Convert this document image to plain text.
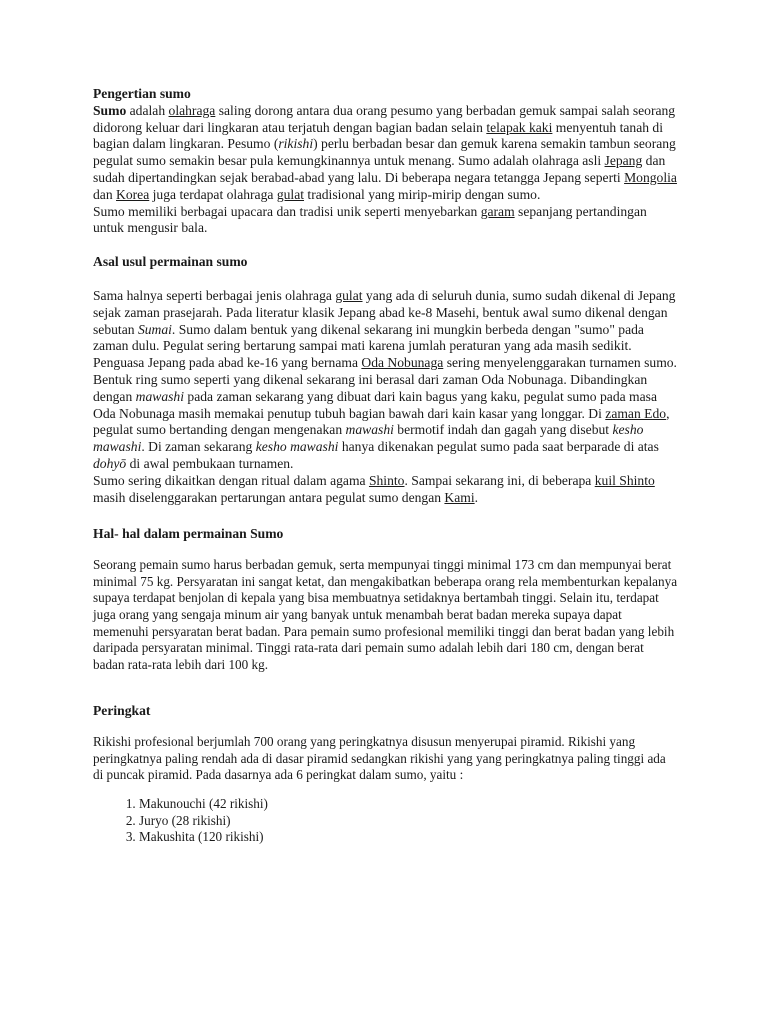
Pengertian sumo

Sumo adalah olahraga saling dorong antara dua orang pesumo yang berbadan gemuk sampai salah seorang didorong keluar dari lingkaran atau terjatuh dengan bagian badan selain telapak kaki menyentuh tanah di bagian dalam lingkaran. Pesumo (rikishi) perlu berbadan besar dan gemuk karena semakin tambun seorang pegulat sumo semakin besar pula kemungkinannya untuk menang. Sumo adalah olahraga asli Jepang dan sudah dipertandingkan sejak berabad-abad yang lalu. Di beberapa negara tetangga Jepang seperti Mongolia dan Korea juga terdapat olahraga gulat tradisional yang mirip-mirip dengan sumo.

Sumo memiliki berbagai upacara dan tradisi unik seperti menyebarkan garam sepanjang pertandingan untuk mengusir bala.

Asal usul permainan sumo

Sama halnya seperti berbagai jenis olahraga gulat yang ada di seluruh dunia, sumo sudah dikenal di Jepang sejak zaman prasejarah. Pada literatur klasik Jepang abad ke-8 Masehi, bentuk awal sumo dikenal dengan sebutan Sumai. Sumo dalam bentuk yang dikenal sekarang ini mungkin berbeda dengan "sumo" pada zaman dulu. Pegulat sering bertarung sampai mati karena jumlah peraturan yang ada masih sedikit.

Penguasa Jepang pada abad ke-16 yang bernama Oda Nobunaga sering menyelenggarakan turnamen sumo. Bentuk ring sumo seperti yang dikenal sekarang ini berasal dari zaman Oda Nobunaga. Dibandingkan dengan mawashi pada zaman sekarang yang dibuat dari kain bagus yang kaku, pegulat sumo pada masa Oda Nobunaga masih memakai penutup tubuh bagian bawah dari kain kasar yang longgar. Di zaman Edo, pegulat sumo bertanding dengan mengenakan mawashi bermotif indah dan gagah yang disebut kesho mawashi. Di zaman sekarang kesho mawashi hanya dikenakan pegulat sumo pada saat berparade di atas dohyō di awal pembukaan turnamen.

Sumo sering dikaitkan dengan ritual dalam agama Shinto. Sampai sekarang ini, di beberapa kuil Shinto masih diselenggarakan pertarungan antara pegulat sumo dengan Kami.

Hal- hal dalam permainan Sumo

Seorang pemain sumo harus berbadan gemuk, serta mempunyai tinggi minimal 173 cm dan mempunyai berat minimal 75 kg. Persyaratan ini sangat ketat, dan mengakibatkan beberapa orang rela membenturkan kepalanya supaya terdapat benjolan di kepala yang bisa membuatnya setidaknya bertambah tinggi. Selain itu, terdapat juga orang yang sengaja minum air yang banyak untuk menambah berat badan mereka supaya dapat memenuhi persyaratan berat badan. Para pemain sumo profesional memiliki tinggi dan berat badan yang lebih daripada persyaratan minimal. Tinggi rata-rata dari pemain sumo adalah lebih dari 180 cm, dengan berat badan rata-rata lebih dari 100 kg.

Peringkat

Rikishi profesional berjumlah 700 orang yang peringkatnya disusun menyerupai piramid. Rikishi yang peringkatnya paling rendah ada di dasar piramid sedangkan rikishi yang yang peringkatnya paling tinggi ada di puncak piramid. Pada dasarnya ada 6 peringkat dalam sumo, yaitu :

1. Makunouchi (42 rikishi)
2. Juryo (28 rikishi)
3. Makushita (120 rikishi)
